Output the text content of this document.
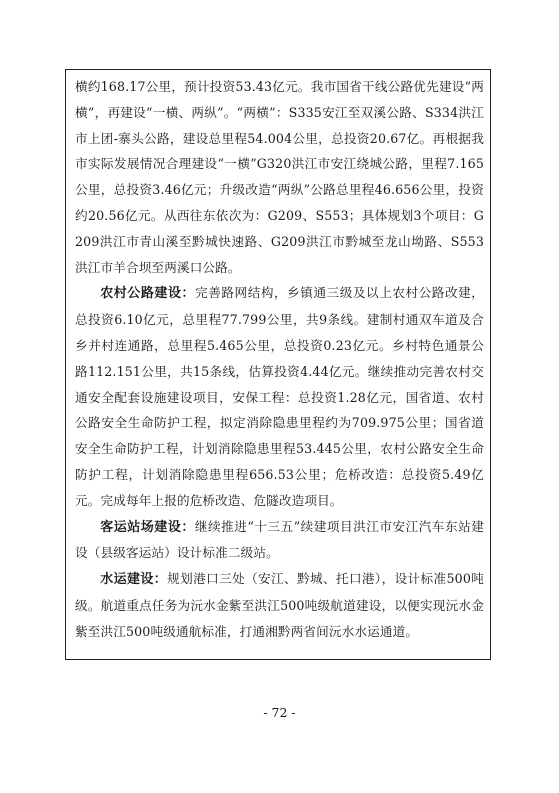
横约168.17公里，预计投资53.43亿元。我市国省干线公路优先建设“两横”，再建设“一横、两纵”。“两横”：S335安江至双溪公路、S334洪江市上团-寨头公路，建设总里程54.004公里，总投资20.67亿。再根据我市实际发展情况合理建设“一横”G320洪江市安江绕城公路，里程7.165公里，总投资3.46亿元；升级改造“两纵”公路总里程46.656公里，投资约20.56亿元。从西往东依次为：G209、S553；具体规划3个项目：G209洪江市青山溪至黔城快速路、G209洪江市黔城至龙山坳路、S553洪江市羊合坝至两溪口公路。

农村公路建设：完善路网结构，乡镇通三级及以上农村公路改建，总投资6.10亿元，总里程77.799公里，共9条线。建制村通双车道及合乡并村连通路，总里程5.465公里，总投资0.23亿元。乡村特色通景公路112.151公里，共15条线，估算投资4.44亿元。继续推动完善农村交通安全配套设施建设项目，安保工程：总投资1.28亿元，国省道、农村公路安全生命防护工程，拟定消除隐患里程约为709.975公里；国省道安全生命防护工程，计划消除隐患里程53.445公里，农村公路安全生命防护工程，计划消除隐患里程656.53公里；危桥改造：总投资5.49亿元。完成每年上报的危桥改造、危隧改造项目。

客运站场建设：继续推进“十三五”续建项目洪江市安江汽车东站建设（县级客运站）设计标准二级站。

水运建设：规划港口三处（安江、黔城、托口港），设计标准500吨级。航道重点任务为沅水金紫至洪江500吨级航道建设，以便实现沅水金紫至洪江500吨级通航标准，打通湘黔两省间沅水水运通道。

- 72 -
